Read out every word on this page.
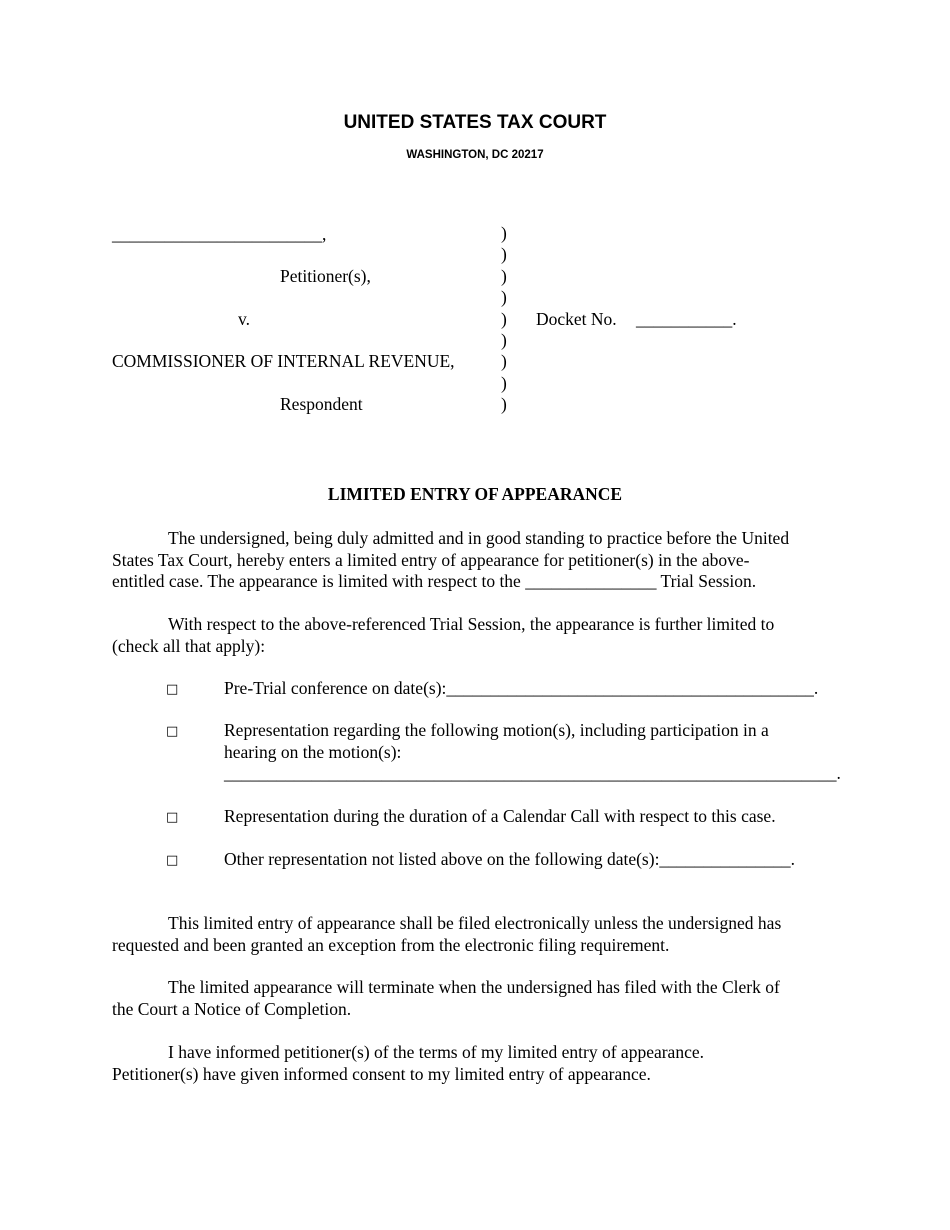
UNITED STATES TAX COURT
WASHINGTON, DC 20217
________________________,
Petitioner(s),
v.
COMMISSIONER OF INTERNAL REVENUE,
Respondent
)
)
)
)
)
)
)
)
)
Docket No. ___________.
LIMITED ENTRY OF APPEARANCE
The undersigned, being duly admitted and in good standing to practice before the United
States Tax Court, hereby enters a limited entry of appearance for petitioner(s) in the above-
entitled case. The appearance is limited with respect to the _______________ Trial Session.
With respect to the above-referenced Trial Session, the appearance is further limited to
(check all that apply):
□	Pre-Trial conference on date(s):__________________________________________.
□	Representation regarding the following motion(s), including participation in a
hearing on the motion(s):
______________________________________________________________________.
□	Representation during the duration of a Calendar Call with respect to this case.
□	Other representation not listed above on the following date(s):_______________.
This limited entry of appearance shall be filed electronically unless the undersigned has
requested and been granted an exception from the electronic filing requirement.
The limited appearance will terminate when the undersigned has filed with the Clerk of
the Court a Notice of Completion.
I have informed petitioner(s) of the terms of my limited entry of appearance.
Petitioner(s) have given informed consent to my limited entry of appearance.
